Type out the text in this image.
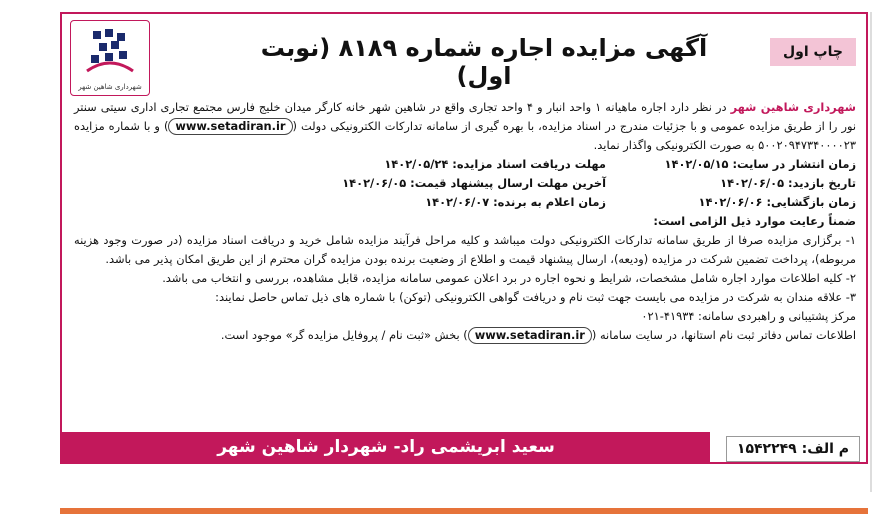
شهرداری شاهین شهر
آگهی مزایده اجاره شماره ۸۱۸۹ (نوبت اول)
چاپ اول

شهرداری شاهین شهر در نظر دارد اجاره ماهیانه ۱ واحد انبار و ۴ واحد تجاری واقع در شاهین شهر خانه کارگر میدان خلیج فارس مجتمع تجاری اداری سیتی سنتر نور را از طریق مزایده عمومی و با جزئیات مندرج در اسناد مزایده، با بهره گیری از سامانه تدارکات الکترونیکی دولت (www.setadiran.ir) و با شماره مزایده ۵۰۰۲۰۹۴۷۳۴۰۰۰۰۲۳ به صورت الکترونیکی واگذار نماید.

زمان انتشار در سایت: ۱۴۰۲/۰۵/۱۵
مهلت دریافت اسناد مزایده: ۱۴۰۲/۰۵/۲۴
تاریخ بازدید: ۱۴۰۲/۰۶/۰۵
آخرین مهلت ارسال پیشنهاد قیمت: ۱۴۰۲/۰۶/۰۵
زمان بازگشایی: ۱۴۰۲/۰۶/۰۶
زمان اعلام به برنده: ۱۴۰۲/۰۶/۰۷

ضمناً رعایت موارد ذیل الزامی است:

۱- برگزاری مزایده صرفا از طریق سامانه تدارکات الکترونیکی دولت میباشد و کلیه مراحل فرآیند مزایده شامل خرید و دریافت اسناد مزایده (در صورت وجود هزینه مربوطه)، پرداخت تضمین شرکت در مزایده (ودیعه)، ارسال پیشنهاد قیمت و اطلاع از وضعیت برنده بودن مزایده گران محترم از این طریق امکان پذیر می باشد.

۲- کلیه اطلاعات موارد اجاره شامل مشخصات، شرایط و نحوه اجاره در برد اعلان عمومی سامانه مزایده، قابل مشاهده، بررسی و انتخاب می باشد.

۳- علاقه مندان به شرکت در مزایده می بایست جهت ثبت نام و دریافت گواهی الکترونیکی (توکن) با شماره های ذیل تماس حاصل نمایند:

مرکز پشتیبانی و راهبردی سامانه: ۴۱۹۳۴-۰۲۱

اطلاعات تماس دفاتر ثبت نام استانها، در سایت سامانه (www.setadiran.ir) بخش «ثبت نام / پروفایل مزایده گر» موجود است.

سعید ابریشمی راد- شهردار شاهین شهر	م الف: ۱۵۴۲۲۴۹
